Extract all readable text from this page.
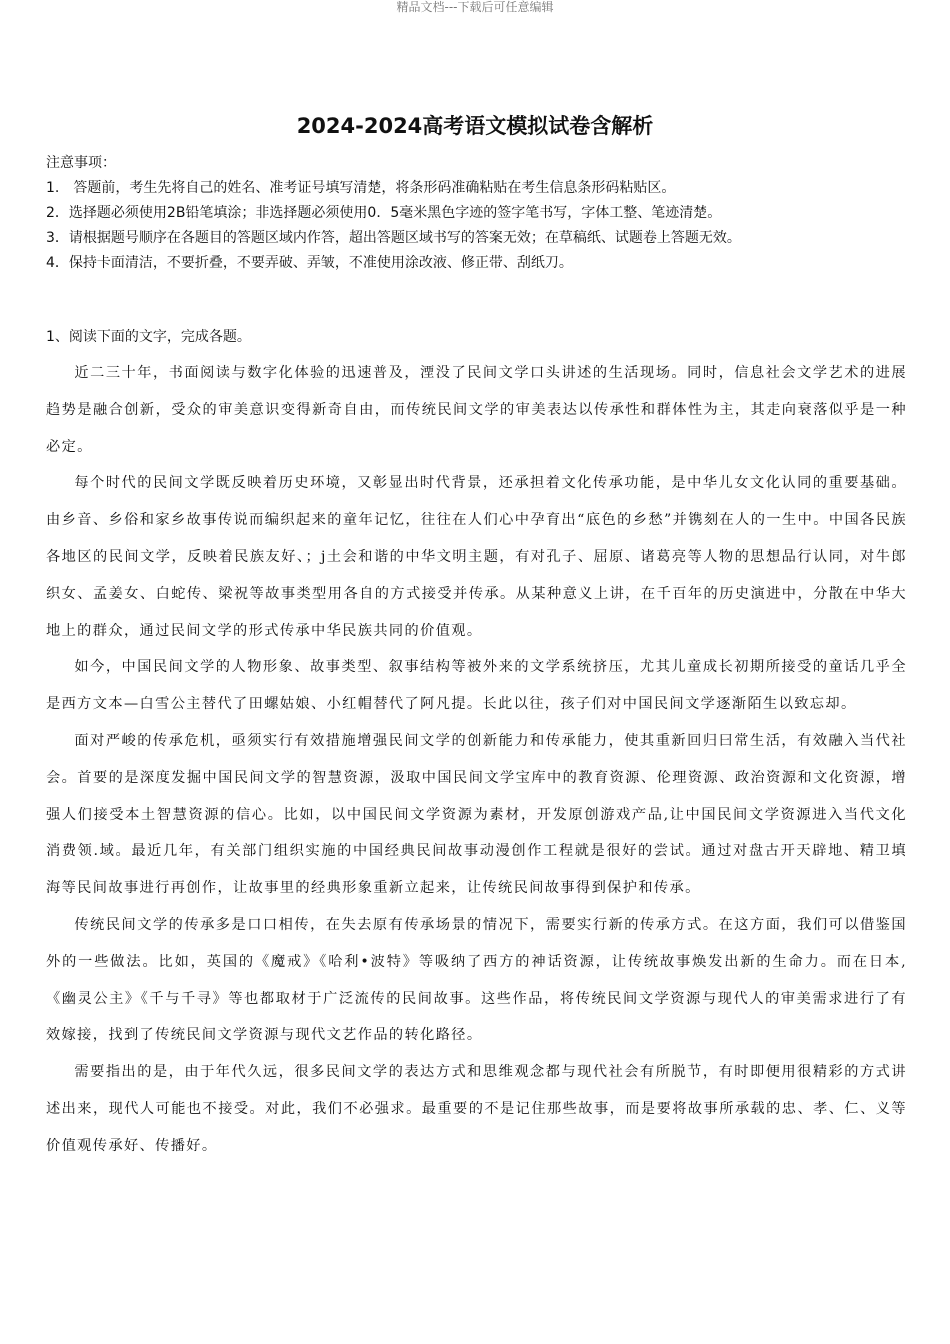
精品文档---下载后可任意编辑
2024-2024高考语文模拟试卷含解析
注意事项：
1.　答题前，考生先将自己的姓名、准考证号填写清楚，将条形码准确粘贴在考生信息条形码粘贴区。
2．选择题必须使用2B铅笔填涂；非选择题必须使用0．5毫米黑色字迹的签字笔书写，字体工整、笔迹清楚。
3．请根据题号顺序在各题目的答题区域内作答，超出答题区域书写的答案无效；在草稿纸、试题卷上答题无效。
4．保持卡面清洁，不要折叠，不要弄破、弄皱，不准使用涂改液、修正带、刮纸刀。
1、阅读下面的文字，完成各题。

近二三十年，书面阅读与数字化体验的迅速普及，湮没了民间文学口头讲述的生活现场。同时，信息社会文学艺术的进展趋势是融合创新，受众的审美意识变得新奇自由，而传统民间文学的审美表达以传承性和群体性为主，其走向衰落似乎是一种必定。

每个时代的民间文学既反映着历史环境，又彰显出时代背景，还承担着文化传承功能，是中华儿女文化认同的重要基础。由乡音、乡俗和家乡故事传说而编织起来的童年记忆，往往在人们心中孕育出“底色的乡愁”并镌刻在人的一生中。中国各民族各地区的民间文学，反映着民族友好、；j土会和谐的中华文明主题，有对孔子、屈原、诸葛亮等人物的思想品行认同，对牛郎织女、孟姜女、白蛇传、梁祝等故事类型用各自的方式接受并传承。从某种意义上讲，在千百年的历史演进中，分散在中华大地上的群众，通过民间文学的形式传承中华民族共同的价值观。

如今，中国民间文学的人物形象、故事类型、叙事结构等被外来的文学系统挤压，尤其儿童成长初期所接受的童话几乎全是西方文本—白雪公主替代了田螺姑娘、小红帽替代了阿凡提。长此以往，孩子们对中国民间文学逐渐陌生以致忘却。

面对严峻的传承危机，亟须实行有效措施增强民间文学的创新能力和传承能力，使其重新回归曰常生活，有效融入当代社会。首要的是深度发掘中国民间文学的智慧资源，汲取中国民间文学宝库中的教育资源、伦理资源、政治资源和文化资源，增强人们接受本土智慧资源的信心。比如，以中国民间文学资源为素材，开发原创游戏产品,让中国民间文学资源进入当代文化消费领.域。最近几年，有关部门组织实施的中国经典民间故事动漫创作工程就是很好的尝试。通过对盘古开天辟地、精卫填海等民间故事进行再创作，让故事里的经典形象重新立起来，让传统民间故事得到保护和传承。

传统民间文学的传承多是口口相传，在失去原有传承场景的情况下，需要实行新的传承方式。在这方面，我们可以借鉴国外的一些做法。比如，英国的《魔戒》《哈利•波特》等吸纳了西方的神话资源，让传统故事焕发出新的生命力。而在日本,《幽灵公主》《千与千寻》等也都取材于广泛流传的民间故事。这些作品，将传统民间文学资源与现代人的审美需求进行了有效嫁接，找到了传统民间文学资源与现代文艺作品的转化路径。

需要指出的是，由于年代久远，很多民间文学的表达方式和思维观念都与现代社会有所脱节，有时即便用很精彩的方式讲述出来，现代人可能也不接受。对此，我们不必强求。最重要的不是记住那些故事，而是要将故事所承载的忠、孝、仁、义等价值观传承好、传播好。
